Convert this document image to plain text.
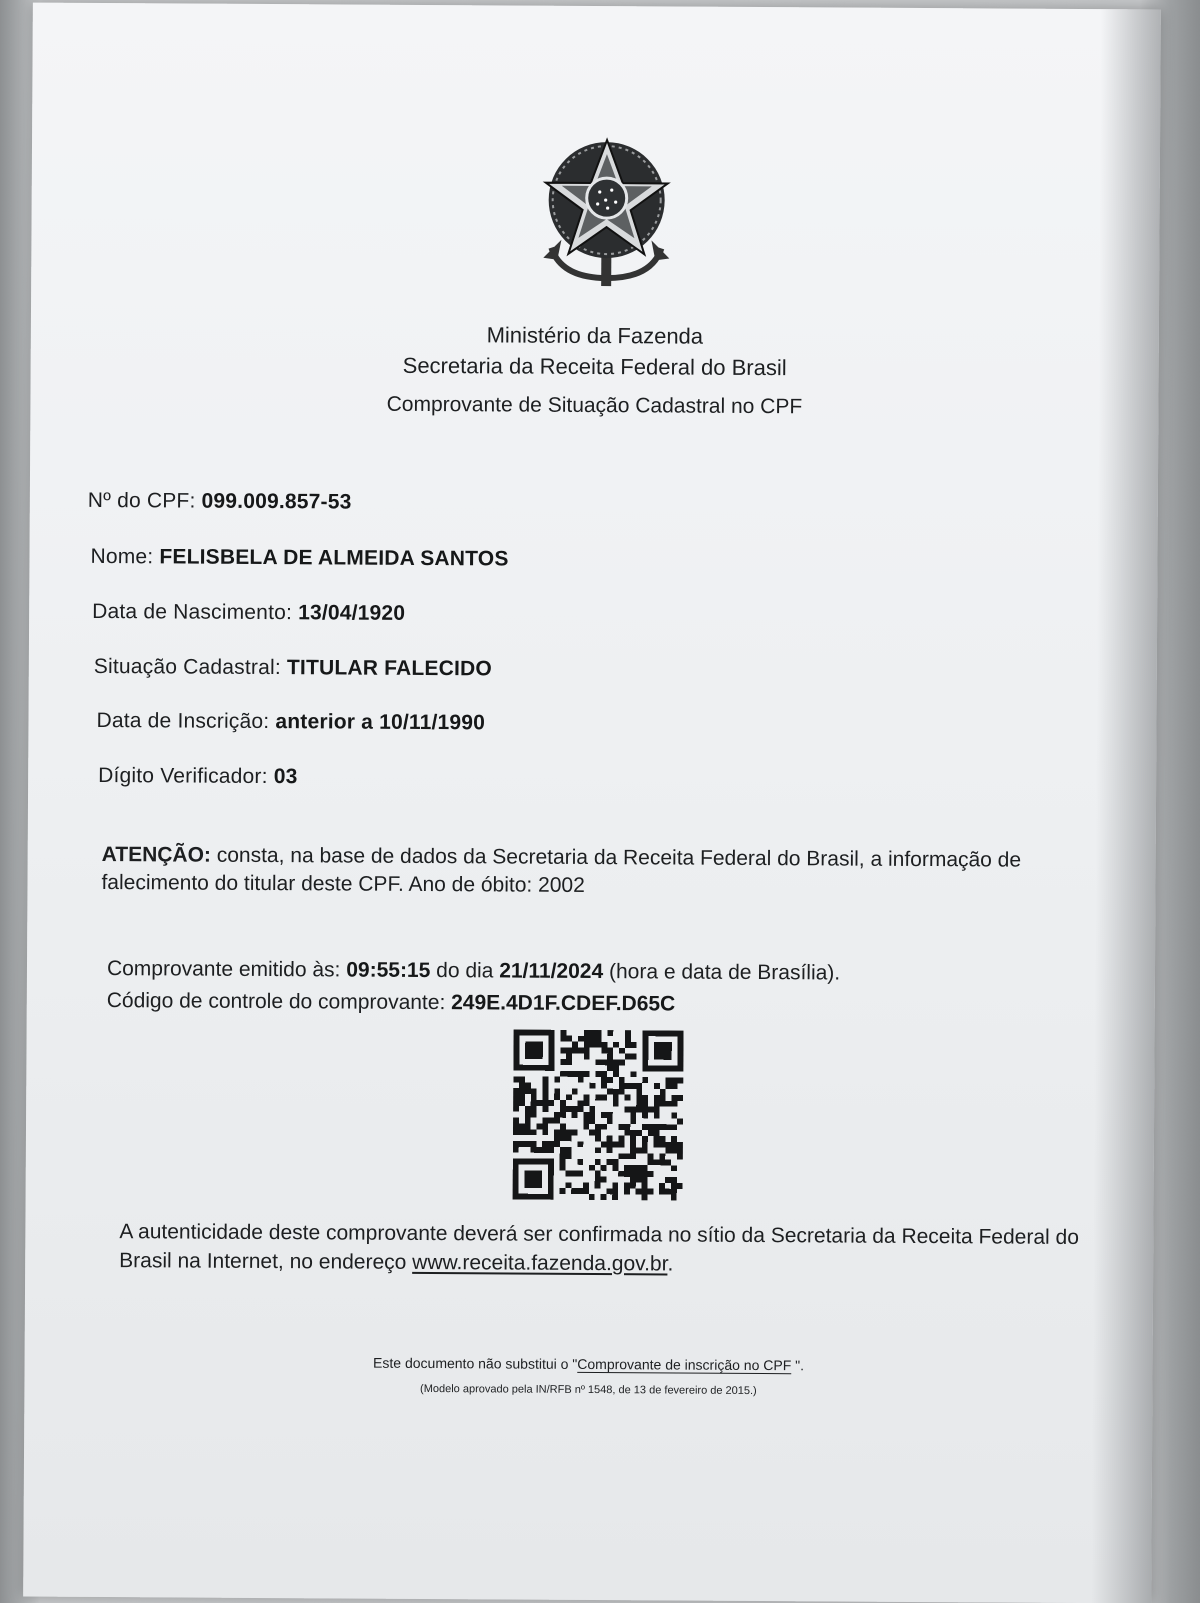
Ministério da Fazenda
Secretaria da Receita Federal do Brasil
Comprovante de Situação Cadastral no CPF
Nº do CPF: 099.009.857-53
Nome: FELISBELA DE ALMEIDA SANTOS
Data de Nascimento: 13/04/1920
Situação Cadastral: TITULAR FALECIDO
Data de Inscrição: anterior a 10/11/1990
Dígito Verificador: 03
ATENÇÃO: consta, na base de dados da Secretaria da Receita Federal do Brasil, a informação de falecimento do titular deste CPF. Ano de óbito: 2002
Comprovante emitido às: 09:55:15 do dia 21/11/2024 (hora e data de Brasília).
Código de controle do comprovante: 249E.4D1F.CDEF.D65C
A autenticidade deste comprovante deverá ser confirmada no sítio da Secretaria da Receita Federal do Brasil na Internet, no endereço www.receita.fazenda.gov.br.
Este documento não substitui o "Comprovante de inscrição no CPF ".
(Modelo aprovado pela IN/RFB nº 1548, de 13 de fevereiro de 2015.)
